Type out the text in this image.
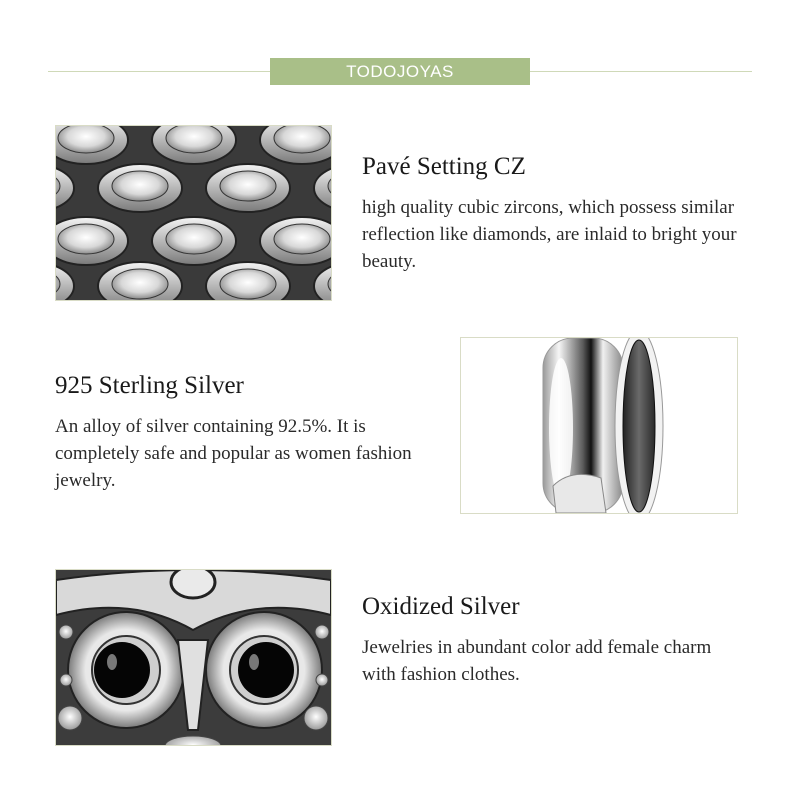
TODOJOYAS
Pavé Setting CZ
high quality cubic zircons, which possess similar reflection like diamonds, are inlaid to bright your beauty.
925 Sterling Silver
An alloy of silver containing 92.5%. It is completely safe and popular as women fashion jewelry.
Oxidized Silver
Jewelries in abundant color add female charm with fashion clothes.
